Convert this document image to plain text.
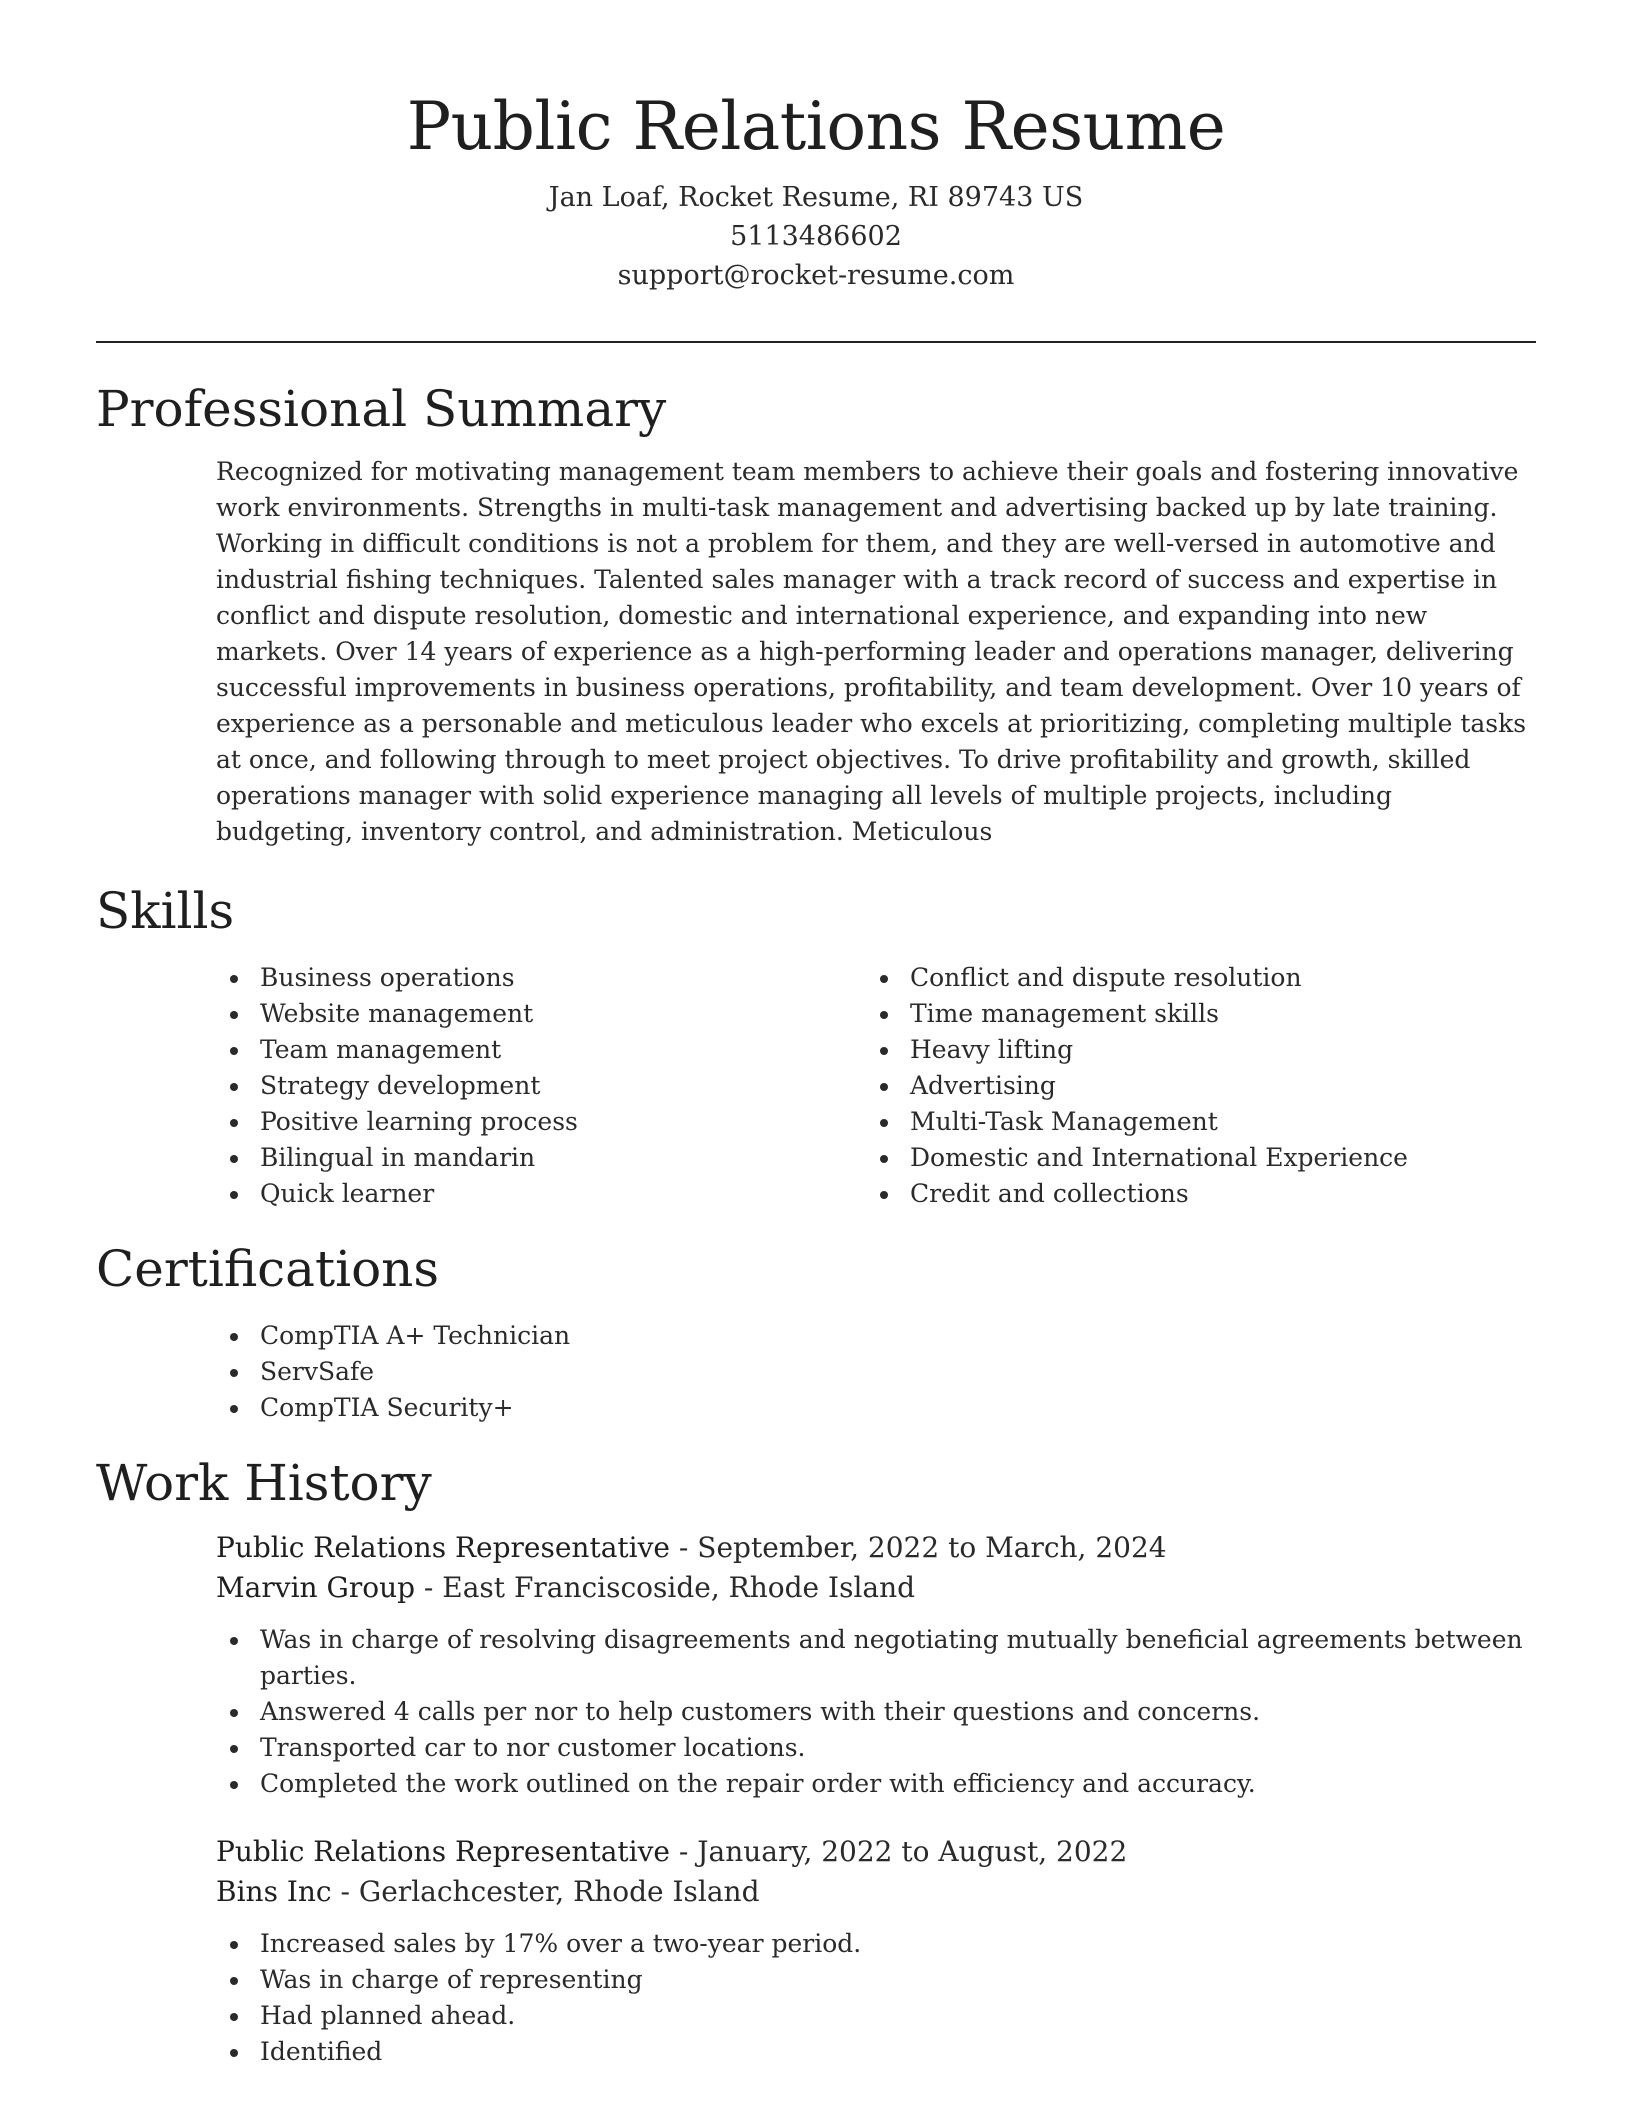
Public Relations Resume
Jan Loaf, Rocket Resume, RI 89743 US
5113486602
support@rocket-resume.com
Professional Summary

Recognized for motivating management team members to achieve their goals and fostering innovative work environments. Strengths in multi-task management and advertising backed up by late training. Working in difficult conditions is not a problem for them, and they are well-versed in automotive and industrial fishing techniques. Talented sales manager with a track record of success and expertise in conflict and dispute resolution, domestic and international experience, and expanding into new markets. Over 14 years of experience as a high-performing leader and operations manager, delivering successful improvements in business operations, profitability, and team development. Over 10 years of experience as a personable and meticulous leader who excels at prioritizing, completing multiple tasks at once, and following through to meet project objectives. To drive profitability and growth, skilled operations manager with solid experience managing all levels of multiple projects, including budgeting, inventory control, and administration. Meticulous

Skills
Business operations
Website management
Team management
Strategy development
Positive learning process
Bilingual in mandarin
Quick learner
Conflict and dispute resolution
Time management skills
Heavy lifting
Advertising
Multi-Task Management
Domestic and International Experience
Credit and collections
Certifications
CompTIA A+ Technician
ServSafe
CompTIA Security+
Work History
Public Relations Representative - September, 2022 to March, 2024
Marvin Group - East Franciscoside, Rhode Island
Was in charge of resolving disagreements and negotiating mutually beneficial agreements between parties.
Answered 4 calls per nor to help customers with their questions and concerns.
Transported car to nor customer locations.
Completed the work outlined on the repair order with efficiency and accuracy.
Public Relations Representative - January, 2022 to August, 2022
Bins Inc - Gerlachcester, Rhode Island
Increased sales by 17% over a two-year period.
Was in charge of representing
Had planned ahead.
Identified
